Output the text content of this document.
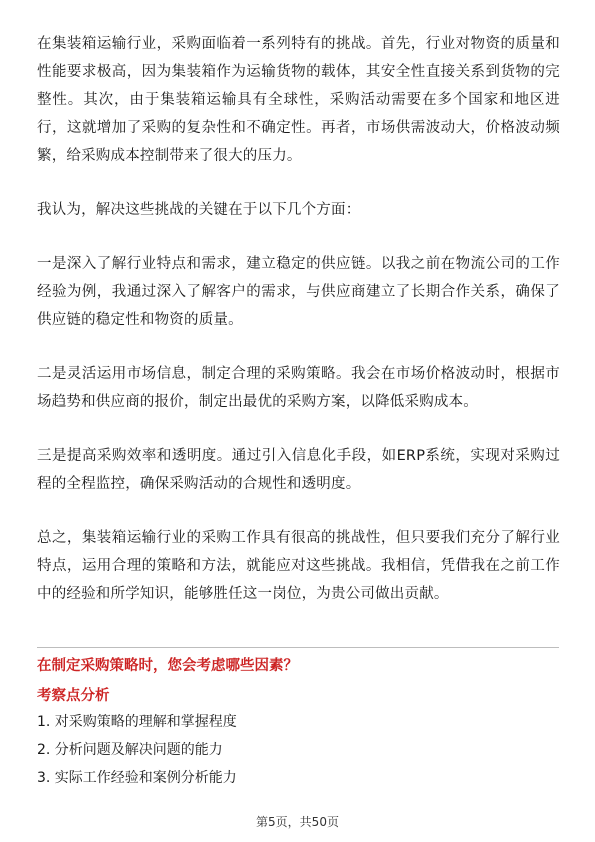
在集装箱运输行业，采购面临着一系列特有的挑战。首先，行业对物资的质量和性能要求极高，因为集装箱作为运输货物的载体，其安全性直接关系到货物的完整性。其次，由于集装箱运输具有全球性，采购活动需要在多个国家和地区进行，这就增加了采购的复杂性和不确定性。再者，市场供需波动大，价格波动频繁，给采购成本控制带来了很大的压力。

我认为，解决这些挑战的关键在于以下几个方面：

一是深入了解行业特点和需求，建立稳定的供应链。以我之前在物流公司的工作经验为例，我通过深入了解客户的需求，与供应商建立了长期合作关系，确保了供应链的稳定性和物资的质量。

二是灵活运用市场信息，制定合理的采购策略。我会在市场价格波动时，根据市场趋势和供应商的报价，制定出最优的采购方案，以降低采购成本。

三是提高采购效率和透明度。通过引入信息化手段，如ERP系统，实现对采购过程的全程监控，确保采购活动的合规性和透明度。

总之，集装箱运输行业的采购工作具有很高的挑战性，但只要我们充分了解行业特点，运用合理的策略和方法，就能应对这些挑战。我相信，凭借我在之前工作中的经验和所学知识，能够胜任这一岗位，为贵公司做出贡献。

在制定采购策略时，您会考虑哪些因素？
考察点分析
1. 对采购策略的理解和掌握程度
2. 分析问题及解决问题的能力
3. 实际工作经验和案例分析能力
第5页，共50页
